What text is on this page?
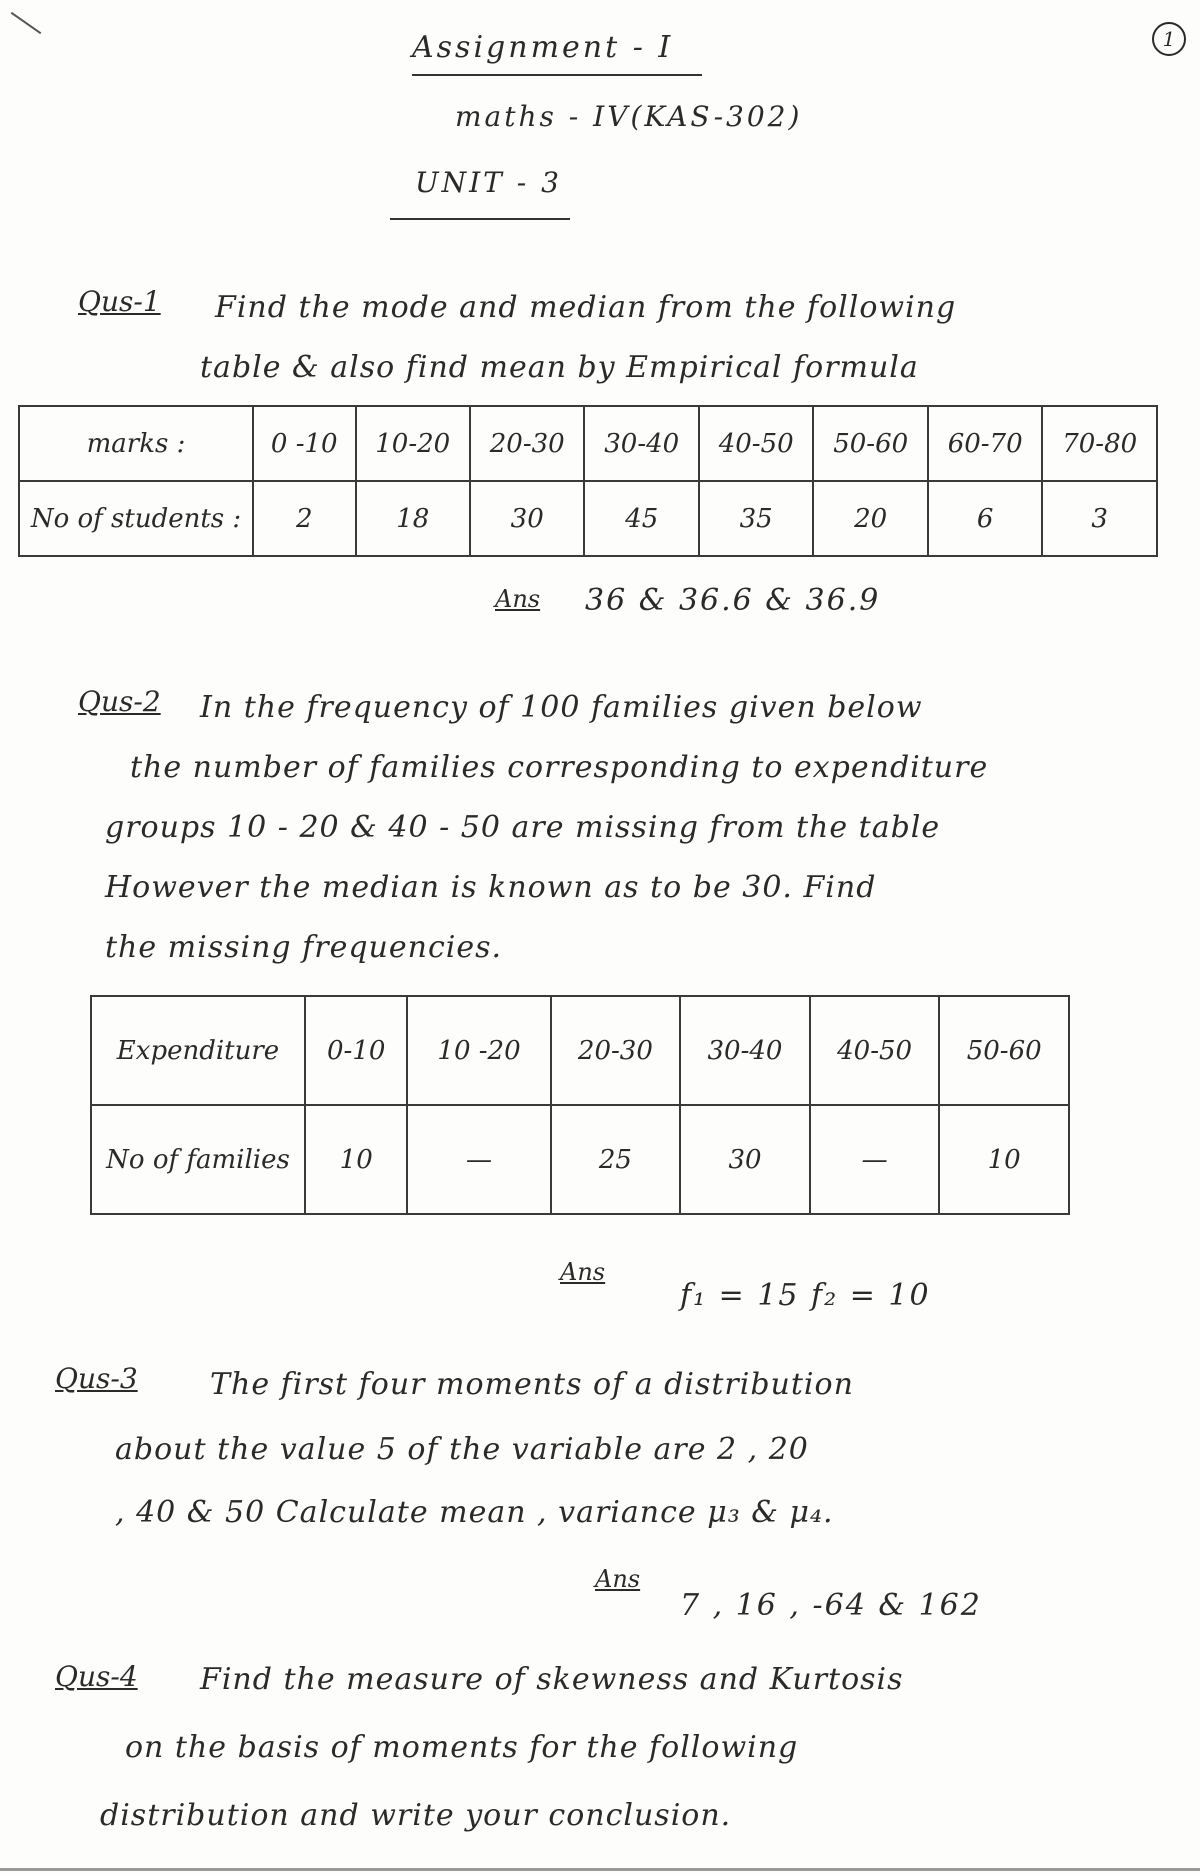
1
Assignment - I
maths - IV(KAS-302)
UNIT - 3
Qus-1 Find the mode and median from the following
table & also find mean by Empirical formula
marks :	0 -10	10-20	20-30	30-40	40-50	50-60	60-70	70-80
No of students :	2	18	30	45	35	20	6	3
Ans 36 & 36.6 & 36.9
Qus-2 In the frequency of 100 families given below
the number of families corresponding to expenditure
groups 10 - 20 & 40 - 50 are missing from the table
However the median is known as to be 30. Find
the missing frequencies.
Expenditure	0-10	10 -20	20-30	30-40	40-50	50-60
No of families	10	—	25	30	—	10
Ans
f₁ = 15 f₂ = 10
Qus-3 The first four moments of a distribution
about the value 5 of the variable are 2 , 20
, 40 & 50 Calculate mean , variance μ₃ & μ₄.
Ans
7 , 16 , -64 & 162
Qus-4 Find the measure of skewness and Kurtosis
on the basis of moments for the following
distribution and write your conclusion.
